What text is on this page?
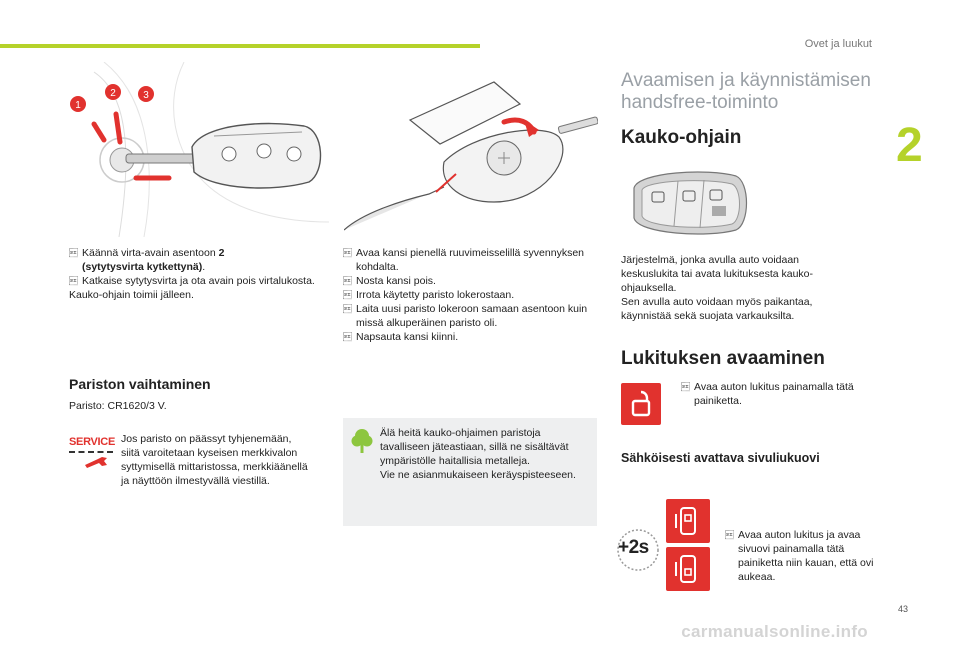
Ovet ja luukut
2
1
2	3
 Käännä virta-avain asentoon 2
(sytytysvirta kytkettynä).
 Katkaise sytytysvirta ja ota avain pois virtalukosta.
Kauko-ohjain toimii jälleen.
Pariston vaihtaminen
Paristo: CR1620/3 V.
SERVICE Jos paristo on päässyt tyhjenemään, siitä varoitetaan kyseisen merkkivalon syttymisellä mittaristossa, merkkiäänellä ja näyttöön ilmestyvällä viestillä.
 Avaa kansi pienellä ruuvimeisselillä syvennyksen kohdalta.
 Nosta kansi pois.
 Irrota käytetty paristo lokerostaan.
 Laita uusi paristo lokeroon samaan asentoon kuin missä alkuperäinen paristo oli.
 Napsauta kansi kiinni.
Älä heitä kauko-ohjaimen paristoja tavalliseen jäteastiaan, sillä ne sisältävät ympäristölle haitallisia metalleja.
Vie ne asianmukaiseen keräyspisteeseen.
Avaamisen ja käynnistämisen
handsfree-toiminto
Kauko-ohjain
Järjestelmä, jonka avulla auto voidaan keskuslukita tai avata lukituksesta kauko-ohjauksella.
Sen avulla auto voidaan myös paikantaa, käynnistää sekä suojata varkauksilta.
Lukituksen avaaminen
 Avaa auton lukitus painamalla tätä painiketta.
Sähköisesti avattava sivuliukuovi
+2s
 Avaa auton lukitus ja avaa sivuovi painamalla tätä painiketta niin kauan, että ovi aukeaa.
43
carmanualsonline.info
